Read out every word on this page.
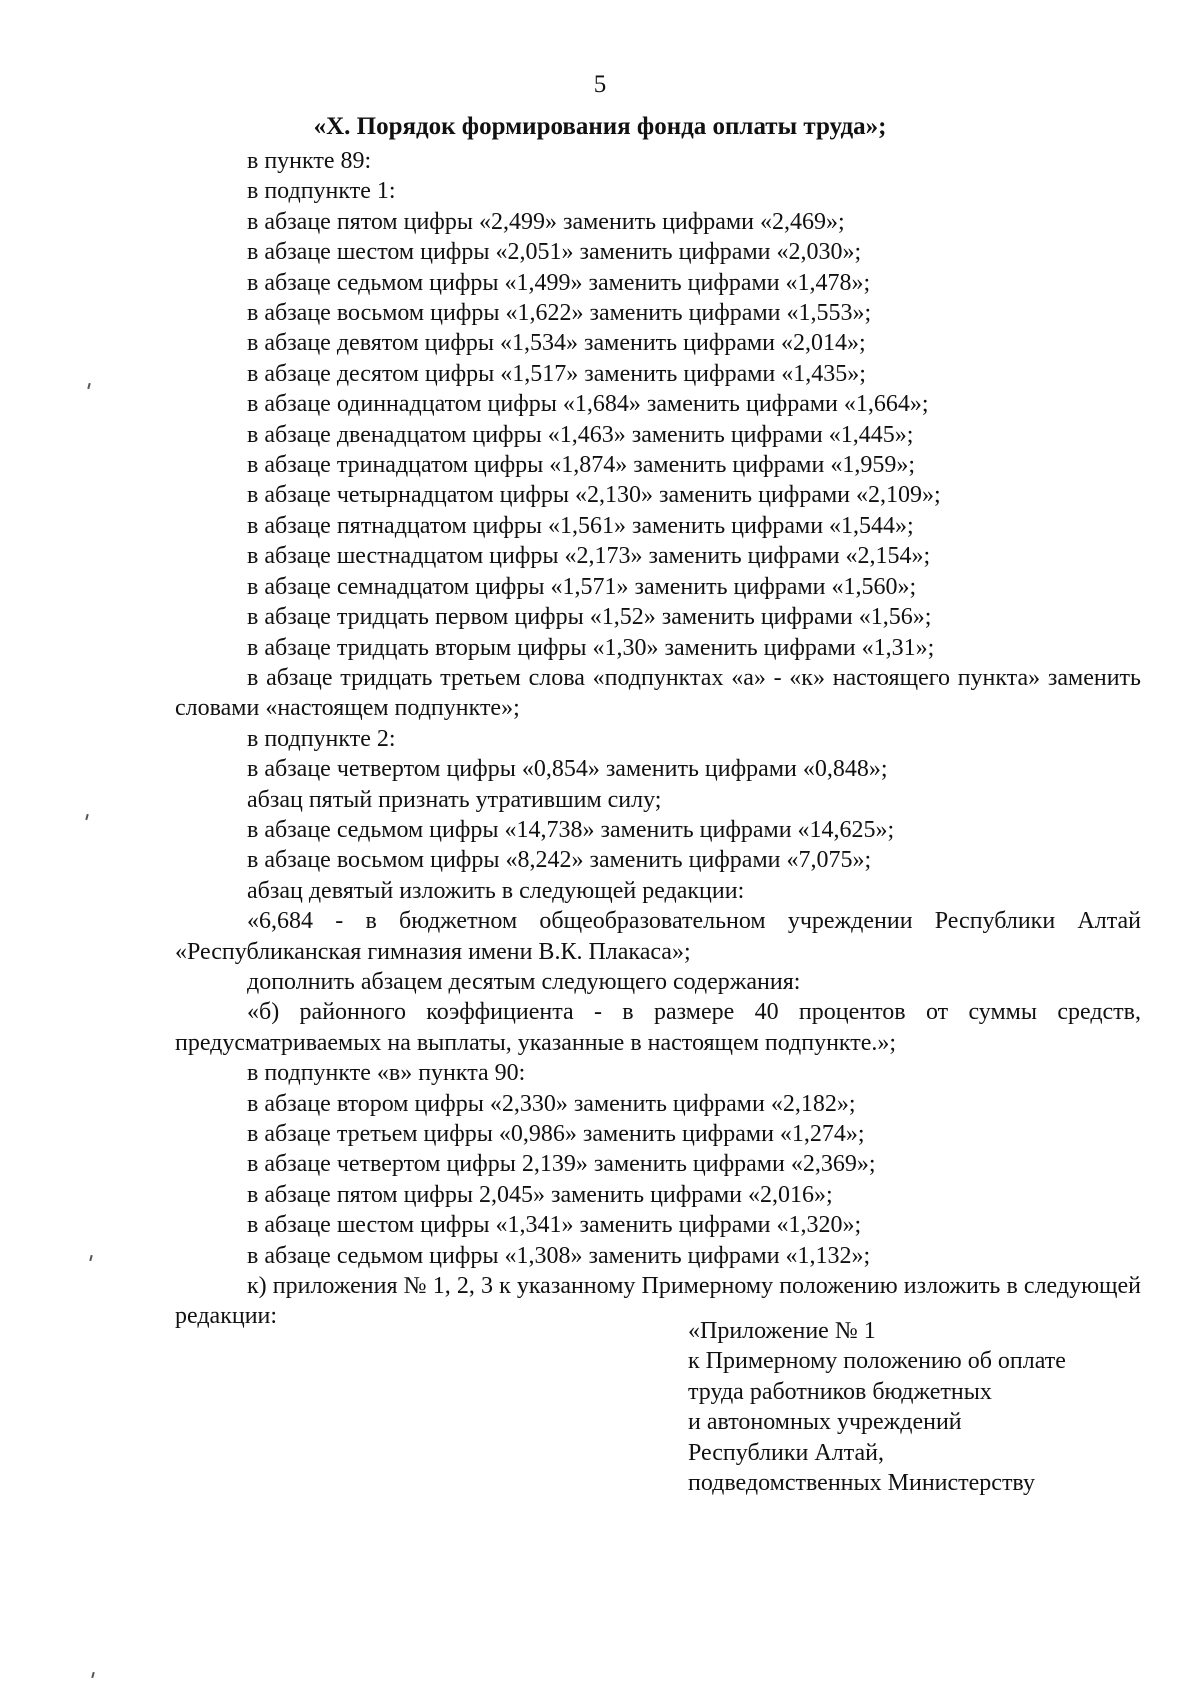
5
«X. Порядок формирования фонда оплаты труда»;
в пункте 89:
в подпункте 1:
в абзаце пятом цифры «2,499» заменить цифрами «2,469»;
в абзаце шестом цифры «2,051» заменить цифрами «2,030»;
в абзаце седьмом цифры «1,499» заменить цифрами «1,478»;
в абзаце восьмом цифры «1,622» заменить цифрами «1,553»;
в абзаце девятом цифры «1,534» заменить цифрами «2,014»;
в абзаце десятом цифры «1,517» заменить цифрами «1,435»;
в абзаце одиннадцатом цифры «1,684» заменить цифрами «1,664»;
в абзаце двенадцатом цифры «1,463» заменить цифрами «1,445»;
в абзаце тринадцатом цифры «1,874» заменить цифрами «1,959»;
в абзаце четырнадцатом цифры «2,130» заменить цифрами «2,109»;
в абзаце пятнадцатом цифры «1,561» заменить цифрами «1,544»;
в абзаце шестнадцатом цифры «2,173» заменить цифрами «2,154»;
в абзаце семнадцатом цифры «1,571» заменить цифрами «1,560»;
в абзаце тридцать первом цифры «1,52» заменить цифрами «1,56»;
в абзаце тридцать вторым цифры «1,30» заменить цифрами «1,31»;
в абзаце тридцать третьем слова «подпунктах «а» - «к» настоящего пункта» заменить словами «настоящем подпункте»;
в подпункте 2:
в абзаце четвертом цифры «0,854» заменить цифрами «0,848»;
абзац пятый признать утратившим силу;
в абзаце седьмом цифры «14,738» заменить цифрами «14,625»;
в абзаце восьмом цифры «8,242» заменить цифрами «7,075»;
абзац девятый изложить в следующей редакции:
«6,684 - в бюджетном общеобразовательном учреждении Республики Алтай «Республиканская гимназия имени В.К. Плакаса»;
дополнить абзацем десятым следующего содержания:
«б) районного коэффициента - в размере 40 процентов от суммы средств, предусматриваемых на выплаты, указанные в настоящем подпункте.»;
в подпункте «в» пункта 90:
в абзаце втором цифры «2,330» заменить цифрами «2,182»;
в абзаце третьем цифры «0,986» заменить цифрами «1,274»;
в абзаце четвертом цифры 2,139» заменить цифрами «2,369»;
в абзаце пятом цифры 2,045» заменить цифрами «2,016»;
в абзаце шестом цифры «1,341» заменить цифрами «1,320»;
в абзаце седьмом цифры «1,308» заменить цифрами «1,132»;
к) приложения № 1, 2, 3 к указанному Примерному положению изложить в следующей редакции:
«Приложение № 1
к Примерному положению об оплате
труда работников бюджетных
и автономных учреждений
Республики Алтай,
подведомственных Министерству
